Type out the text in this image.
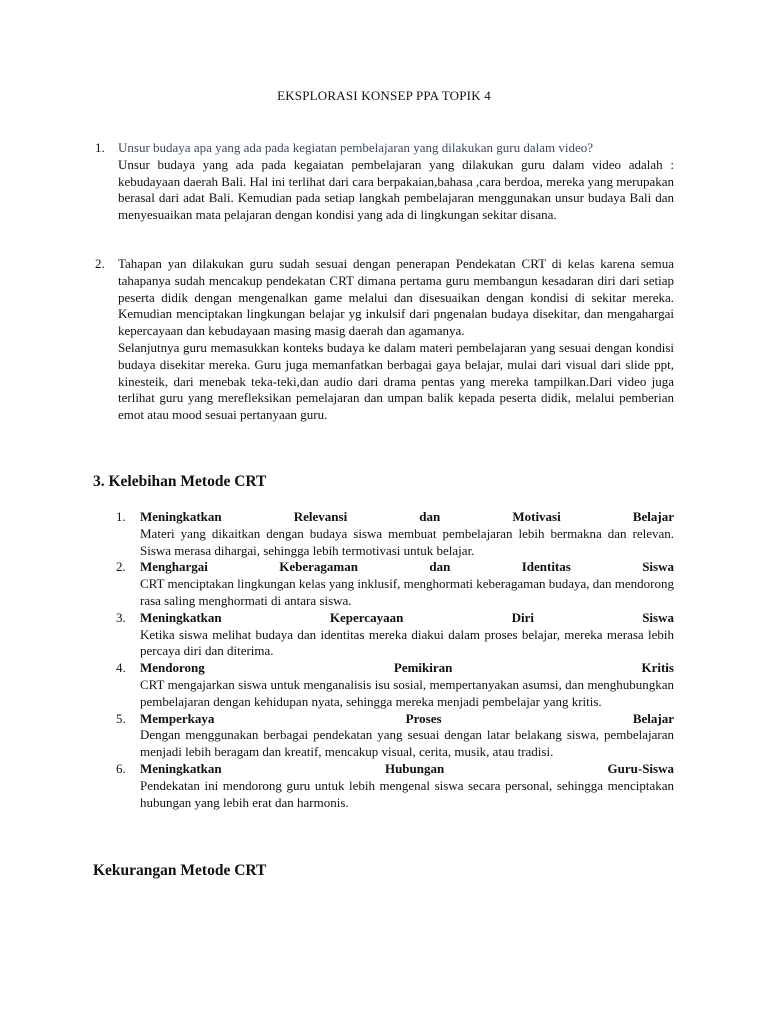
EKSPLORASI KONSEP PPA TOPIK 4
1. Unsur budaya apa yang ada pada kegiatan pembelajaran yang dilakukan guru dalam video?

Unsur budaya yang ada pada kegaiatan pembelajaran yang dilakukan guru dalam video adalah : kebudayaan daerah Bali. Hal ini terlihat dari cara berpakaian,bahasa ,cara berdoa, mereka yang merupakan berasal dari adat Bali. Kemudian pada setiap langkah pembelajaran menggunakan unsur budaya Bali dan menyesuaikan mata pelajaran dengan kondisi yang ada di lingkungan sekitar disana.

2. Tahapan yan dilakukan guru sudah sesuai dengan penerapan Pendekatan CRT di kelas karena semua tahapanya sudah mencakup pendekatan CRT dimana pertama guru membangun kesadaran diri dari setiap peserta didik dengan mengenalkan game melalui dan disesuaikan dengan kondisi di sekitar mereka. Kemudian menciptakan lingkungan belajar yg inkulsif dari pngenalan budaya disekitar, dan mengahargai kepercayaan dan kebudayaan masing masig daerah dan agamanya.

Selanjutnya guru memasukkan konteks budaya ke dalam materi pembelajaran yang sesuai dengan kondisi budaya disekitar mereka. Guru juga memanfatkan berbagai gaya belajar, mulai dari visual dari slide ppt, kinesteik, dari menebak teka-teki,dan audio dari drama pentas yang mereka tampilkan.Dari video juga terlihat guru yang merefleksikan pemelajaran dan umpan balik kepada peserta didik, melalui pemberian emot atau mood sesuai pertanyaan guru.

3. Kelebihan Metode CRT
1. Meningkatkan	Relevansi	dan	Motivasi	Belajar
Materi yang dikaitkan dengan budaya siswa membuat pembelajaran lebih bermakna dan relevan. Siswa merasa dihargai, sehingga lebih termotivasi untuk belajar.
2. Menghargai	Keberagaman	dan	Identitas	Siswa
CRT menciptakan lingkungan kelas yang inklusif, menghormati keberagaman budaya, dan mendorong rasa saling menghormati di antara siswa.
3. Meningkatkan	Kepercayaan	Diri	Siswa
Ketika siswa melihat budaya dan identitas mereka diakui dalam proses belajar, mereka merasa lebih percaya diri dan diterima.
4. Mendorong	Pemikiran	Kritis
CRT mengajarkan siswa untuk menganalisis isu sosial, mempertanyakan asumsi, dan menghubungkan pembelajaran dengan kehidupan nyata, sehingga mereka menjadi pembelajar yang kritis.
5. Memperkaya	Proses	Belajar
Dengan menggunakan berbagai pendekatan yang sesuai dengan latar belakang siswa, pembelajaran menjadi lebih beragam dan kreatif, mencakup visual, cerita, musik, atau tradisi.
6. Meningkatkan	Hubungan	Guru-Siswa
Pendekatan ini mendorong guru untuk lebih mengenal siswa secara personal, sehingga menciptakan hubungan yang lebih erat dan harmonis.
Kekurangan Metode CRT
